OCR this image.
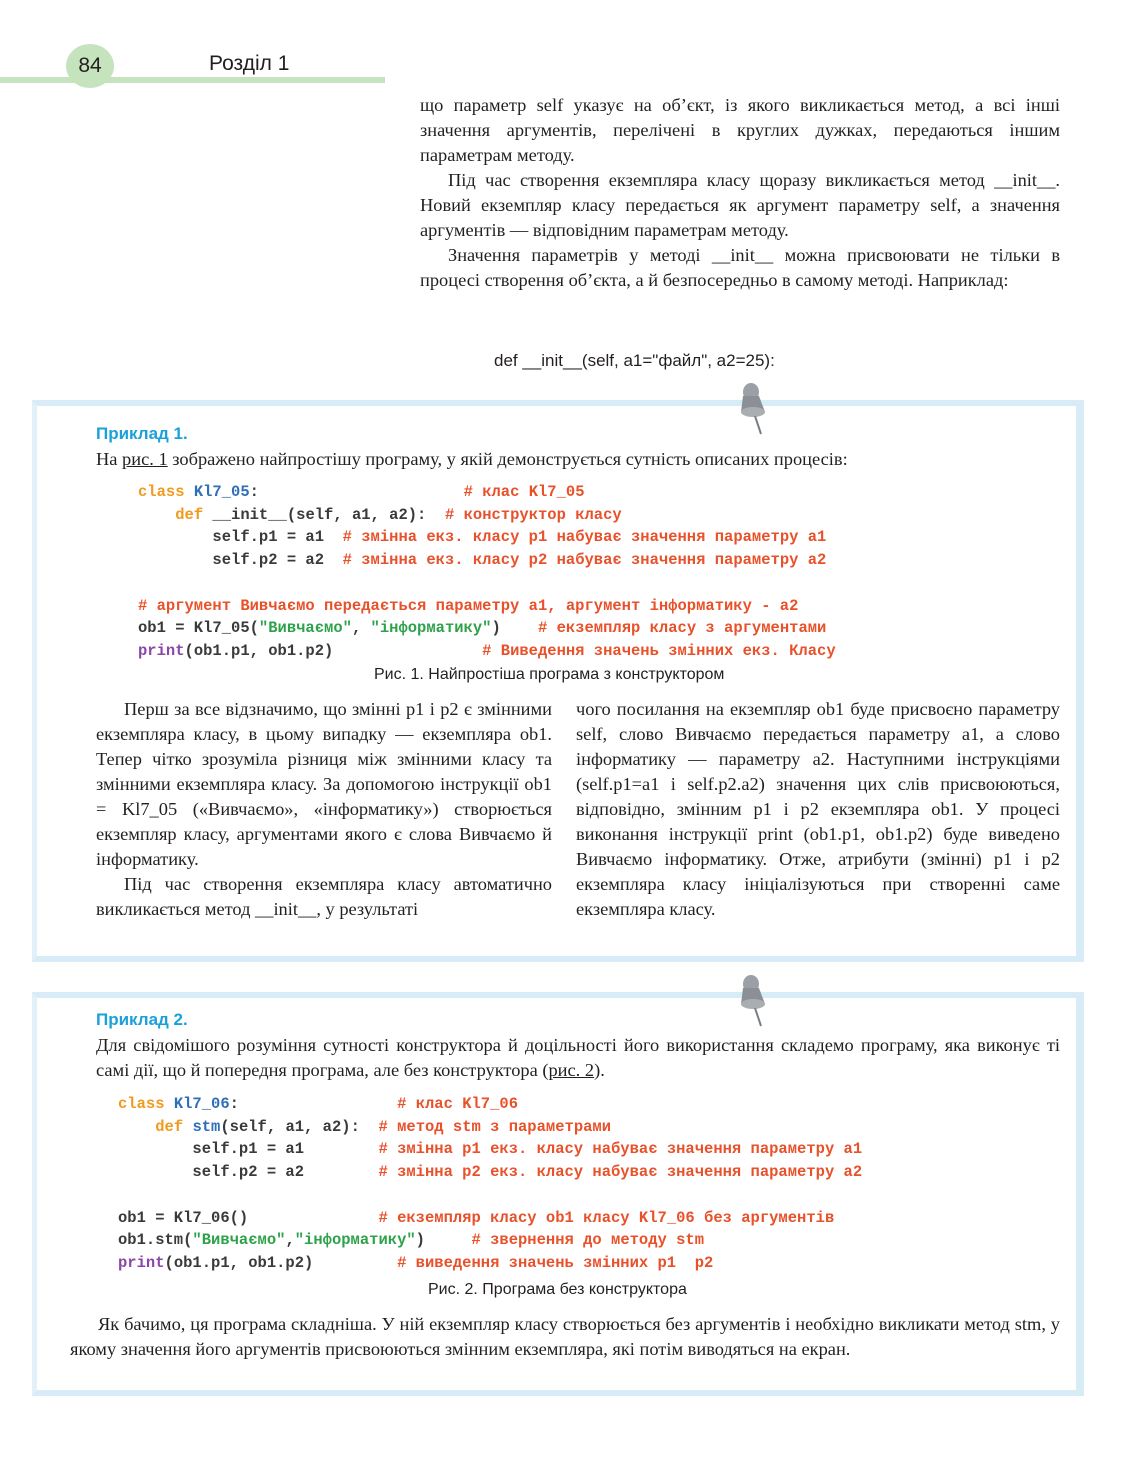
84	Розділ 1

що параметр self указує на об’єкт, із якого викликається метод, а всі інші значення аргументів, перелічені в круглих дужках, передаються іншим параметрам методу.

Під час створення екземпляра класу щоразу викликається метод __init__. Новий екземпляр класу передається як аргумент параметру self, а значення аргументів — відповідним параметрам методу.

Значення параметрів у методі __init__ можна присвоювати не тільки в процесі створення об’єкта, а й безпосередньо в самому методі. Наприклад:

def __init__(self, a1="файл", a2=25):
Приклад 1.
На рис. 1 зображено найпростішу програму, у якій демонструється сутність описаних процесів:
class Kl7_05:	# клас Kl7_05
def __init__(self, a1, a2): # конструктор класу
self.p1 = a1 # змінна екз. класу p1 набуває значення параметру a1
self.p2 = a2 # змінна екз. класу p2 набуває значення параметру a2

# аргумент Вивчаємо передається параметру a1, аргумент інформатику - a2
ob1 = Kl7_05("Вивчаємо", "інформатику") # екземпляр класу з аргументами
print(ob1.p1, ob1.p2)	# Виведення значень змінних екз. Класу
Рис. 1. Найпростіша програма з конструктором

Перш за все відзначимо, що змінні p1 і p2 є змінними екземпляра класу, в цьому випадку — екземпляра ob1. Тепер чітко зрозуміла різниця між змінними класу та змінними екземпляра класу. За допомогою інструкції ob1 = Kl7_05 («Вивчаємо», «інформатику») створюється екземпляр класу, аргументами якого є слова Вивчаємо й інформатику.

Під час створення екземпляра класу автоматично викликається метод __init__, у результаті

чого посилання на екземпляр ob1 буде присвоєно параметру self, слово Вивчаємо передається параметру a1, а слово інформатику — параметру a2. Наступними інструкціями (self.p1=a1 і self.p2.a2) значення цих слів присвоюються, відповідно, змінним p1 і p2 екземпляра ob1. У процесі виконання інструкції print (ob1.p1, ob1.p2) буде виведено Вивчаємо інформатику. Отже, атрибути (змінні) p1 і p2 екземпляра класу ініціалізуються при створенні саме екземпляра класу.

Приклад 2.
Для свідомішого розуміння сутності конструктора й доцільності його використання складемо програму, яка виконує ті самі дії, що й попередня програма, але без конструктора (рис. 2).
class Kl7_06:	# клас Kl7_06
def stm(self, a1, a2): # метод stm з параметрами
self.p1 = a1	# змінна p1 екз. класу набуває значення параметру a1
self.p2 = a2	# змінна p2 екз. класу набуває значення параметру a2

ob1 = Kl7_06()	# екземпляр класу ob1 класу Kl7_06 без аргументів
ob1.stm("Вивчаємо","інформатику")	# звернення до методу stm
print(ob1.p1, ob1.p2)	# виведення значень змінних p1  p2
Рис. 2. Програма без конструктора
Як бачимо, ця програма складніша. У ній екземпляр класу створюється без аргументів і необхідно викликати метод stm, у якому значення його аргументів присвоюються змінним екземпляра, які потім виводяться на екран.
